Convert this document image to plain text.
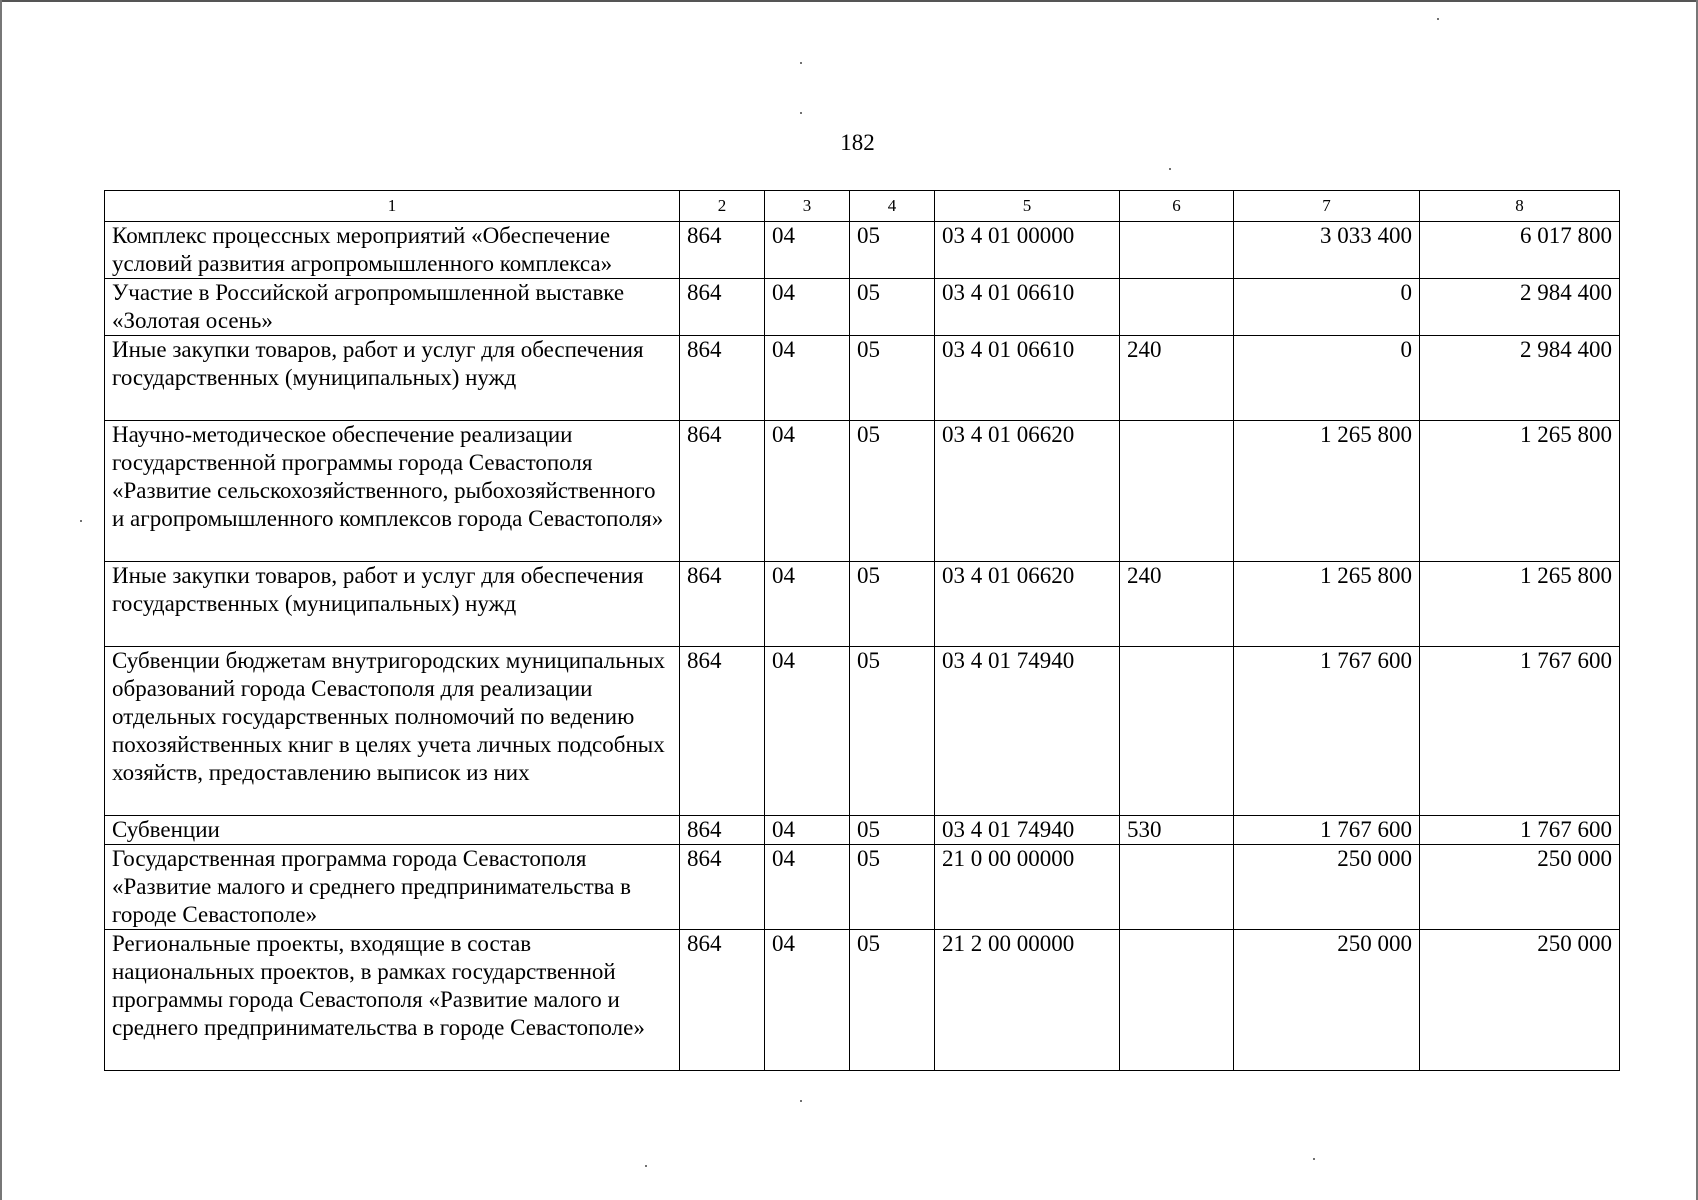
182
1	2	3	4	5	6	7	8
Комплекс процессных мероприятий «Обеспечение условий развития агропромышленного комплекса»	864	04	05	03 4 01 00000		3 033 400	6 017 800
Участие в Российской агропромышленной выставке «Золотая осень»	864	04	05	03 4 01 06610		0	2 984 400
Иные закупки товаров, работ и услуг для обеспечения государственных (муниципальных) нужд	864	04	05	03 4 01 06610	240	0	2 984 400
Научно-методическое обеспечение реализации государственной программы города Севастополя «Развитие сельскохозяйственного, рыбохозяйственного и агропромышленного комплексов города Севастополя»	864	04	05	03 4 01 06620		1 265 800	1 265 800
Иные закупки товаров, работ и услуг для обеспечения государственных (муниципальных) нужд	864	04	05	03 4 01 06620	240	1 265 800	1 265 800
Субвенции бюджетам внутригородских муниципальных образований города Севастополя для реализации отдельных государственных полномочий по ведению похозяйственных книг в целях учета личных подсобных хозяйств, предоставлению выписок из них	864	04	05	03 4 01 74940		1 767 600	1 767 600
Субвенции	864	04	05	03 4 01 74940	530	1 767 600	1 767 600
Государственная программа города Севастополя «Развитие малого и среднего предпринимательства в городе Севастополе»	864	04	05	21 0 00 00000		250 000	250 000
Региональные проекты, входящие в состав национальных проектов, в рамках государственной программы города Севастополя «Развитие малого и среднего предпринимательства в городе Севастополе»	864	04	05	21 2 00 00000		250 000	250 000
